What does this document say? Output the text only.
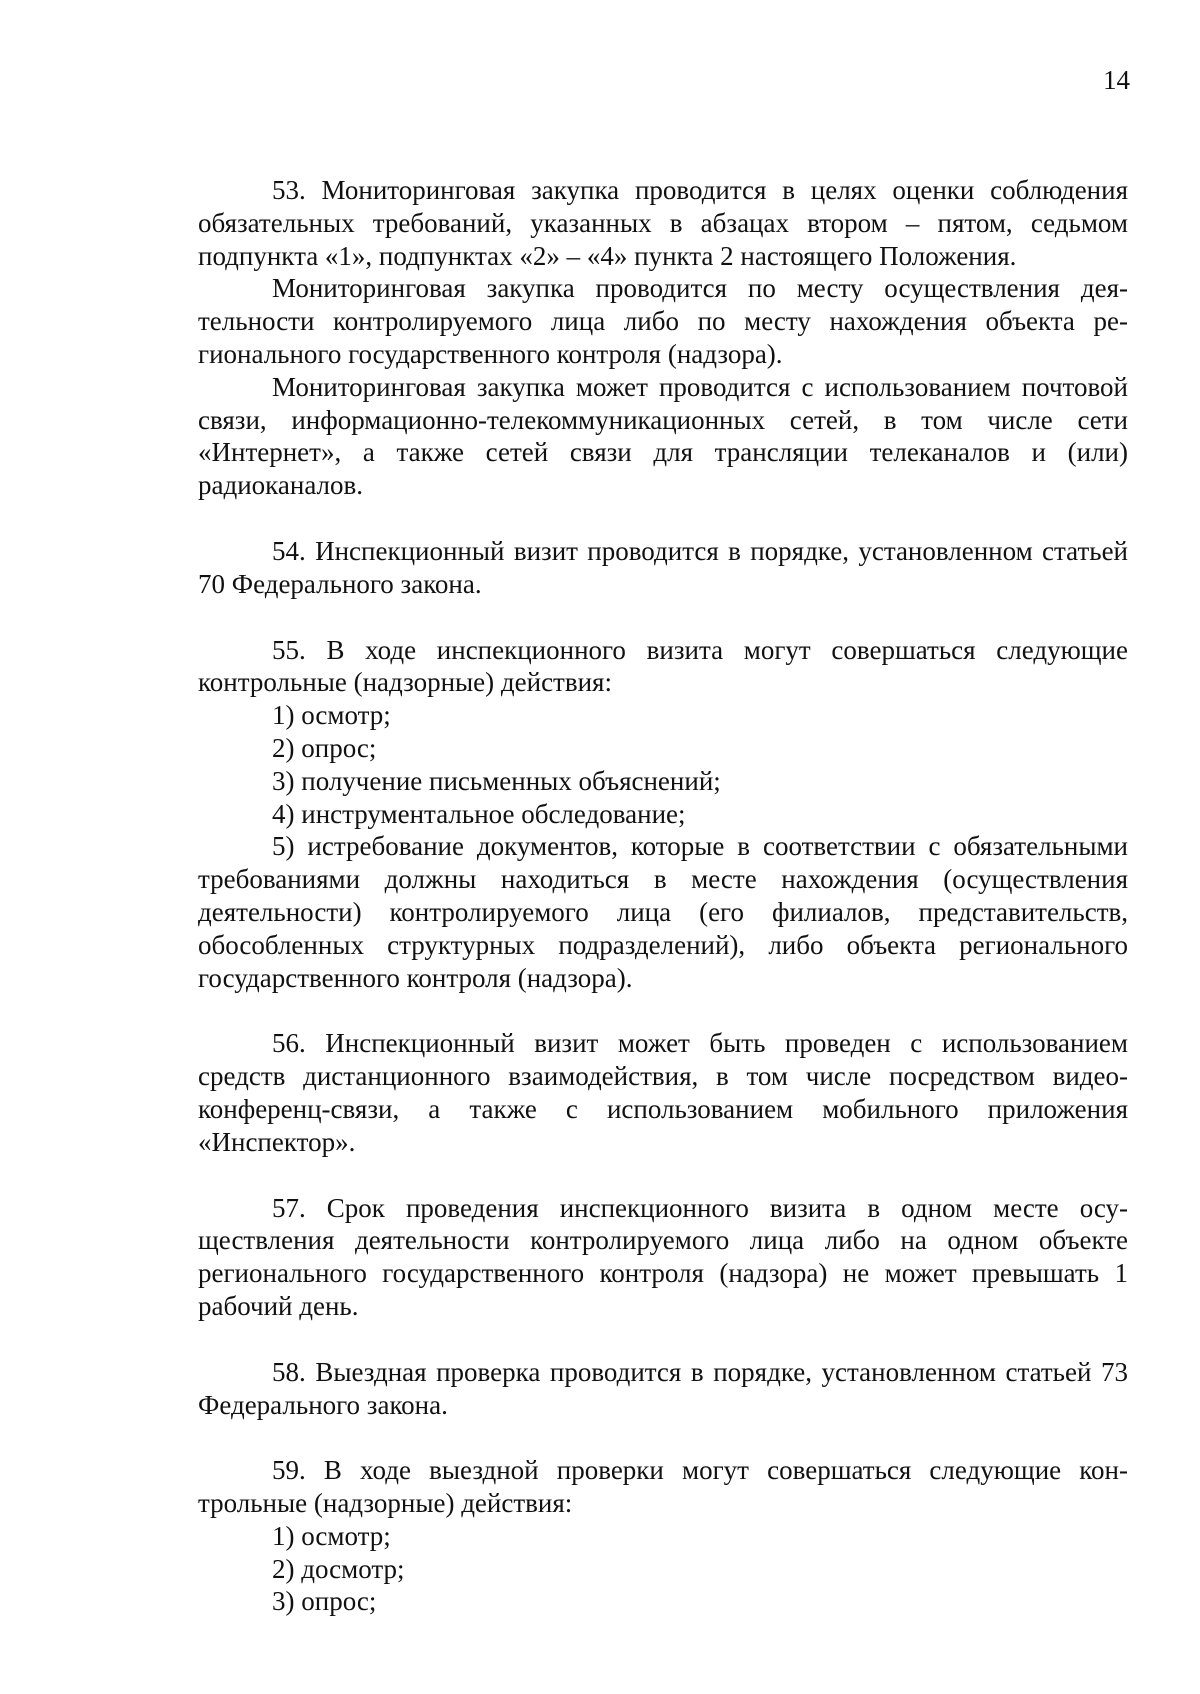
14

53. Мониторинговая закупка проводится в целях оценки соблюдения обязательных требований, указанных в абзацах втором – пятом, седьмом подпункта «1», подпунктах «2» – «4» пункта 2 настоящего Положения.

Мониторинговая закупка проводится по месту осуществления деятельности контролируемого лица либо по месту нахождения объекта регионального государственного контроля (надзора).

Мониторинговая закупка может проводится с использованием почтовой связи, информационно-телекоммуникационных сетей, в том числе сети «Интернет», а также сетей связи для трансляции телеканалов и (или) радиоканалов.

54. Инспекционный визит проводится в порядке, установленном статьей 70 Федерального закона.

55. В ходе инспекционного визита могут совершаться следующие контрольные (надзорные) действия:

1) осмотр;
2) опрос;
3) получение письменных объяснений;
4) инструментальное обследование;
5) истребование документов, которые в соответствии с обязательными требованиями должны находиться в месте нахождения (осуществления деятельности) контролируемого лица (его филиалов, представительств, обособленных структурных подразделений), либо объекта регионального государственного контроля (надзора).

56. Инспекционный визит может быть проведен с использованием средств дистанционного взаимодействия, в том числе посредством видео-конференц-связи, а также с использованием мобильного приложения «Инспектор».

57. Срок проведения инспекционного визита в одном месте осуществления деятельности контролируемого лица либо на одном объекте регионального государственного контроля (надзора) не может превышать 1 рабочий день.

58. Выездная проверка проводится в порядке, установленном статьей 73 Федерального закона.

59. В ходе выездной проверки могут совершаться следующие контрольные (надзорные) действия:

1) осмотр;
2) досмотр;
3) опрос;
